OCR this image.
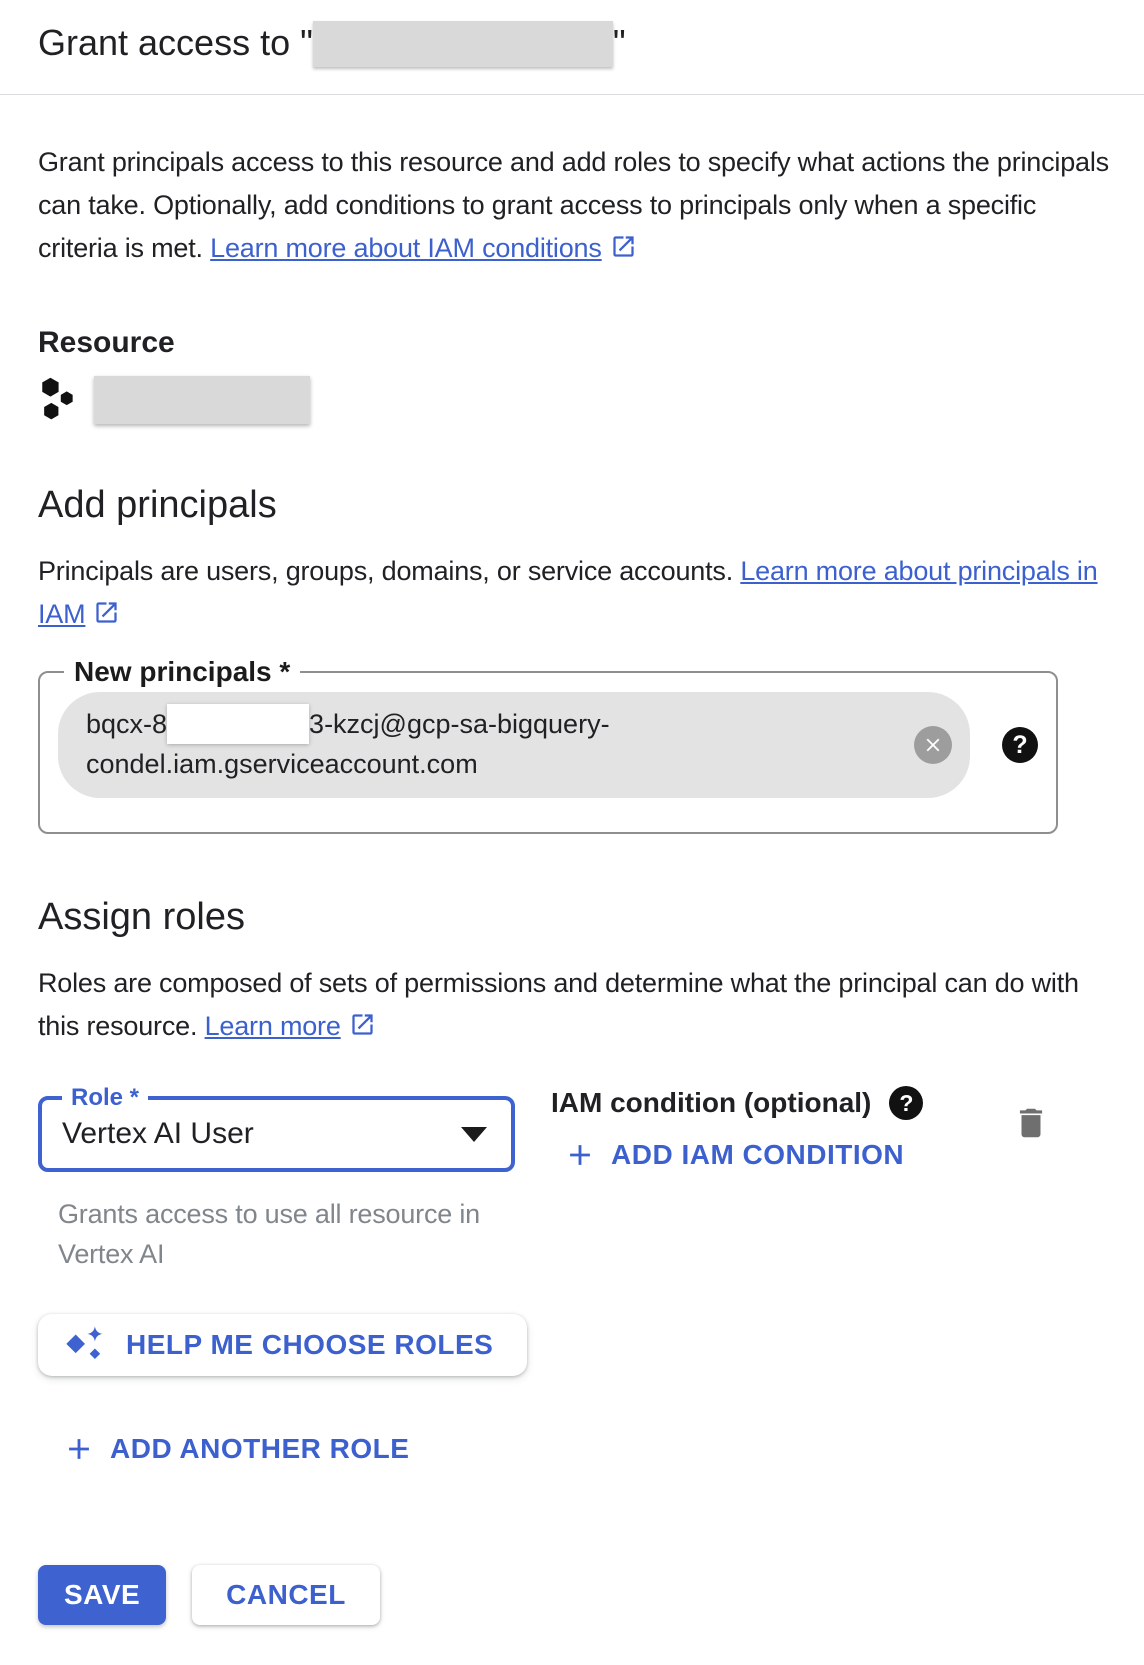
Grant access to "	"

Grant principals access to this resource and add roles to specify what actions the principals can take. Optionally, add conditions to grant access to principals only when a specific criteria is met. Learn more about IAM conditions

Resource
Add principals

Principals are users, groups, domains, or service accounts. Learn more about principals in IAM

New principals *
bqcx-8	3-kzcj@gcp-sa-bigquery-
condel.iam.gserviceaccount.com
?
Assign roles

Roles are composed of sets of permissions and determine what the principal can do with this resource. Learn more

Role *
Vertex AI User
Grants access to use all resource in Vertex AI
IAM condition (optional)	?
ADD IAM CONDITION
HELP ME CHOOSE ROLES
ADD ANOTHER ROLE
SAVE	CANCEL
